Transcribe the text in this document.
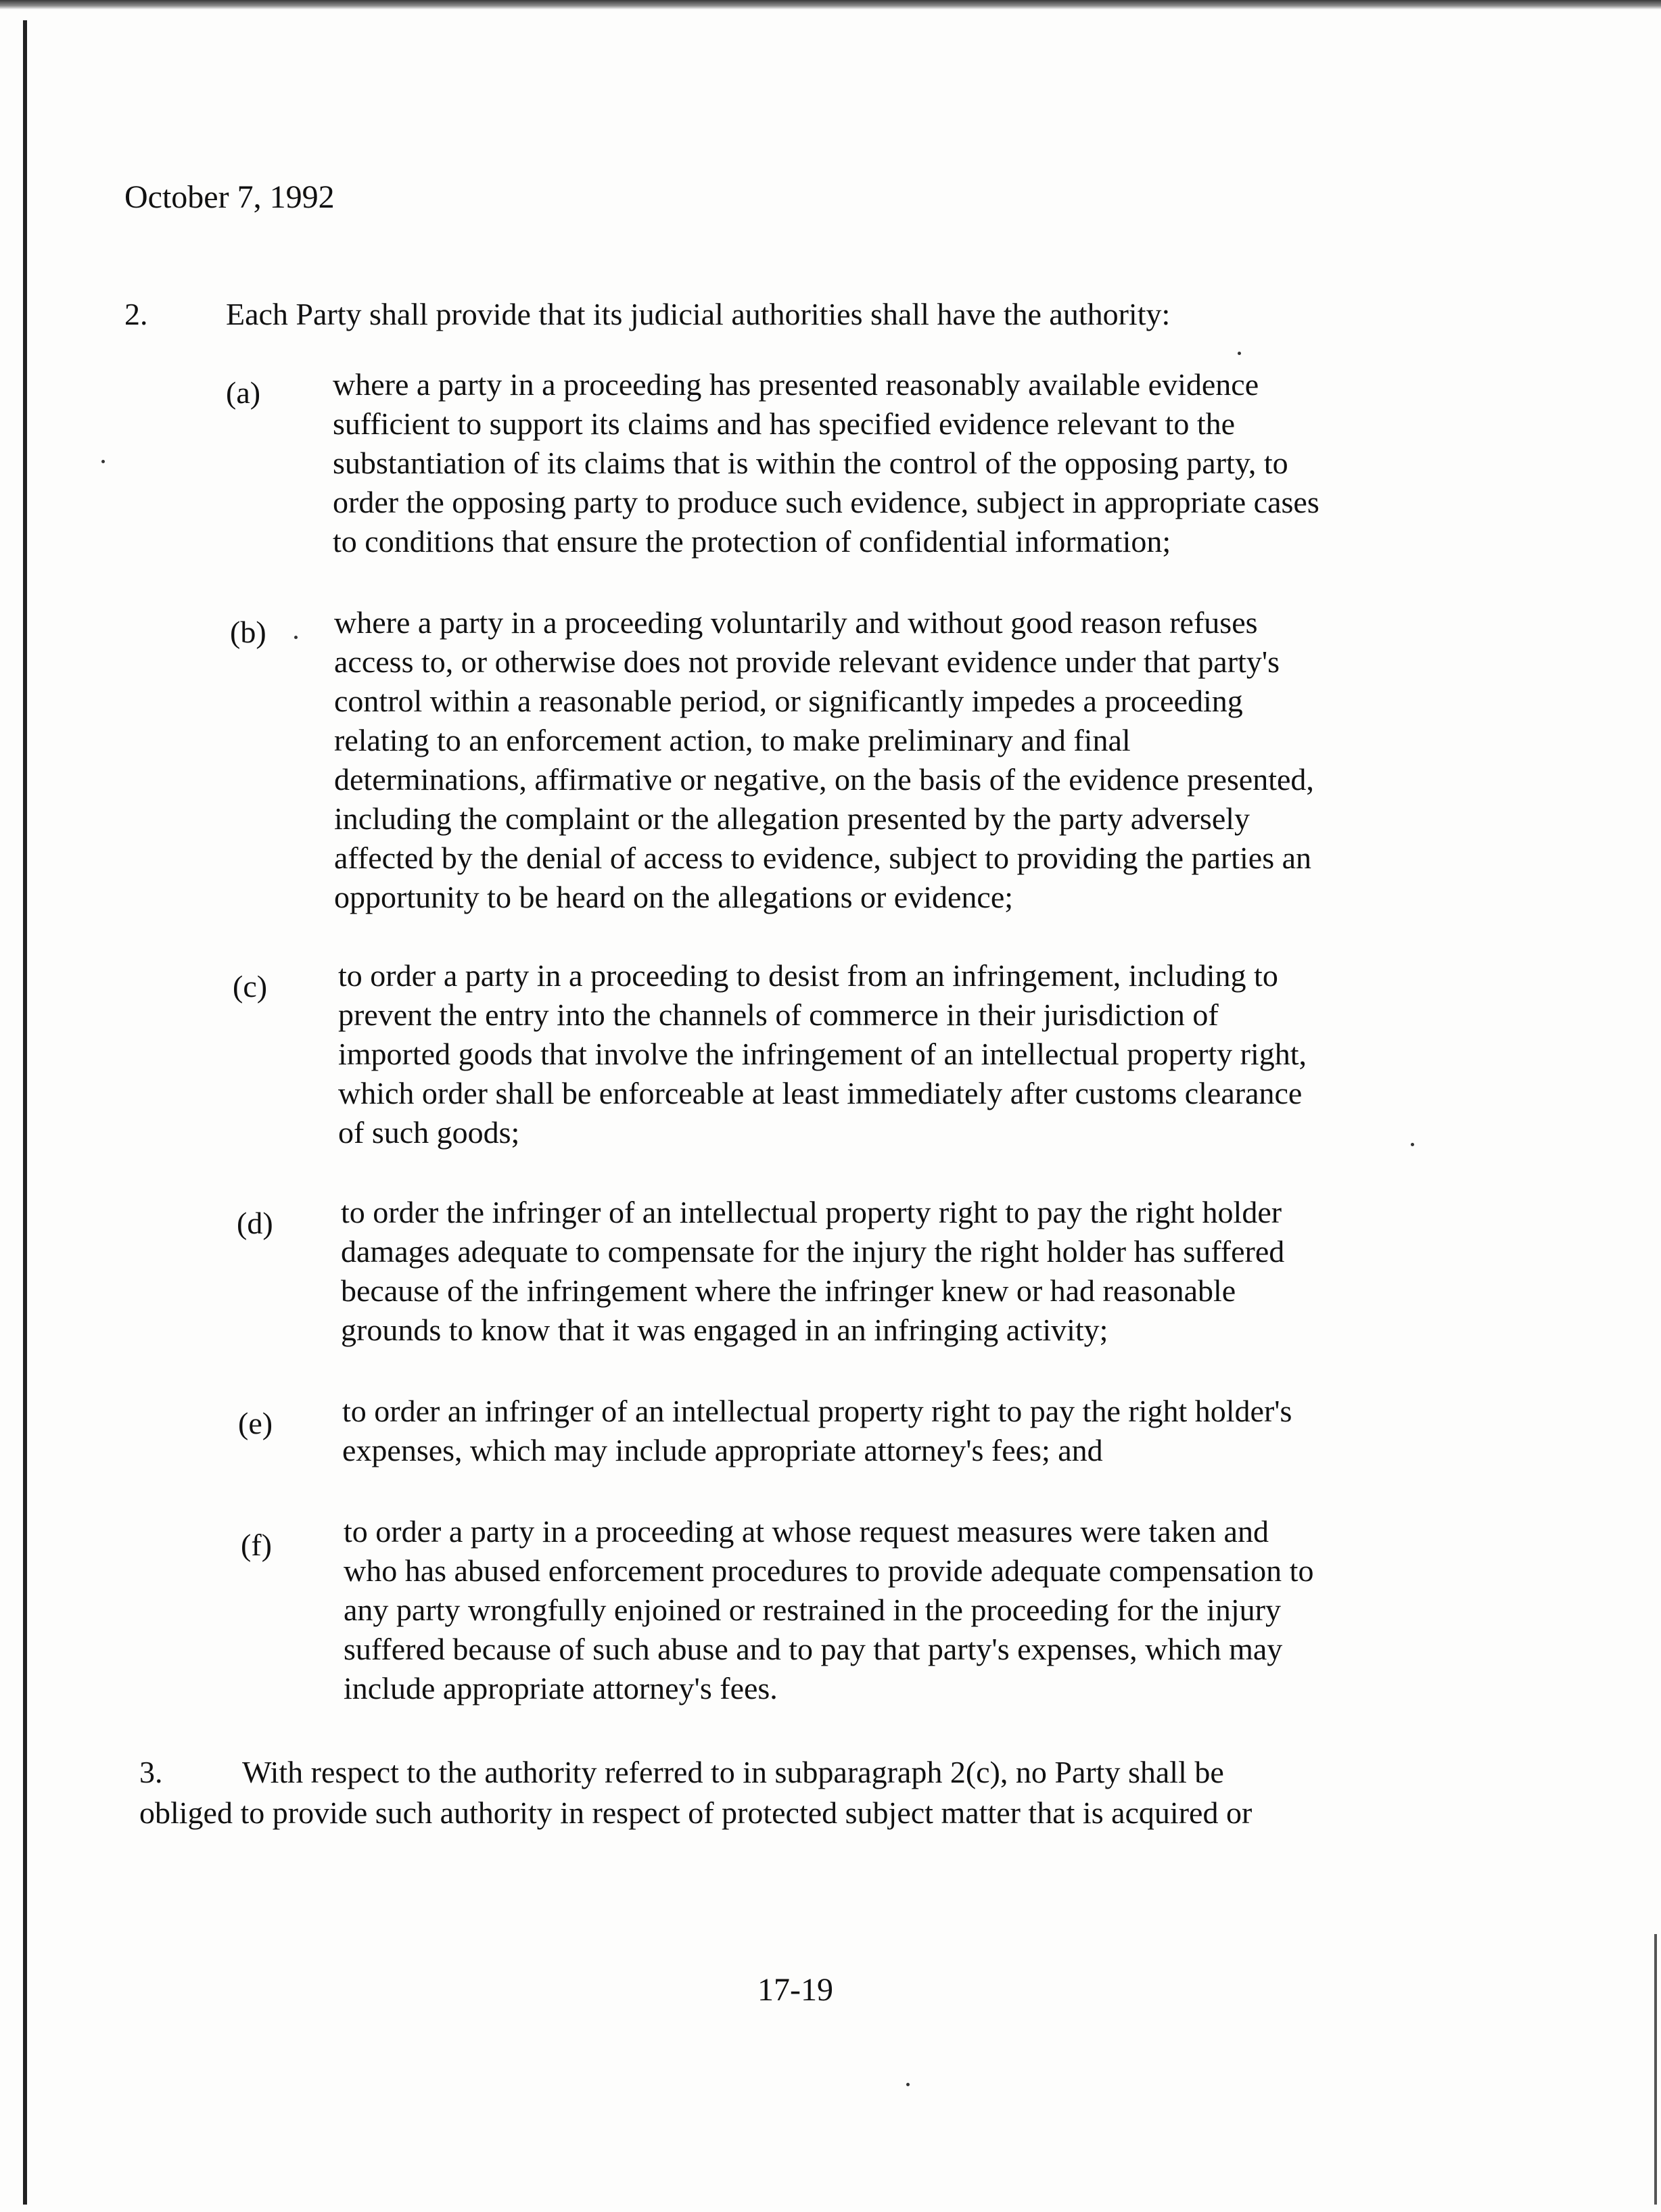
October 7, 1992
2.	Each Party shall provide that its judicial authorities shall have the authority:
(a) where a party in a proceeding has presented reasonably available evidence
sufficient to support its claims and has specified evidence relevant to the
substantiation of its claims that is within the control of the opposing party, to
order the opposing party to produce such evidence, subject in appropriate cases
to conditions that ensure the protection of confidential information;
(b) where a party in a proceeding voluntarily and without good reason refuses
access to, or otherwise does not provide relevant evidence under that party's
control within a reasonable period, or significantly impedes a proceeding
relating to an enforcement action, to make preliminary and final
determinations, affirmative or negative, on the basis of the evidence presented,
including the complaint or the allegation presented by the party adversely
affected by the denial of access to evidence, subject to providing the parties an
opportunity to be heard on the allegations or evidence;
(c) to order a party in a proceeding to desist from an infringement, including to
prevent the entry into the channels of commerce in their jurisdiction of
imported goods that involve the infringement of an intellectual property right,
which order shall be enforceable at least immediately after customs clearance
of such goods;
(d) to order the infringer of an intellectual property right to pay the right holder
damages adequate to compensate for the injury the right holder has suffered
because of the infringement where the infringer knew or had reasonable
grounds to know that it was engaged in an infringing activity;
(e) to order an infringer of an intellectual property right to pay the right holder's
expenses, which may include appropriate attorney's fees; and
(f) to order a party in a proceeding at whose request measures were taken and
who has abused enforcement procedures to provide adequate compensation to
any party wrongfully enjoined or restrained in the proceeding for the injury
suffered because of such abuse and to pay that party's expenses, which may
include appropriate attorney's fees.
3.	With respect to the authority referred to in subparagraph 2(c), no Party shall be
obliged to provide such authority in respect of protected subject matter that is acquired or
17-19
